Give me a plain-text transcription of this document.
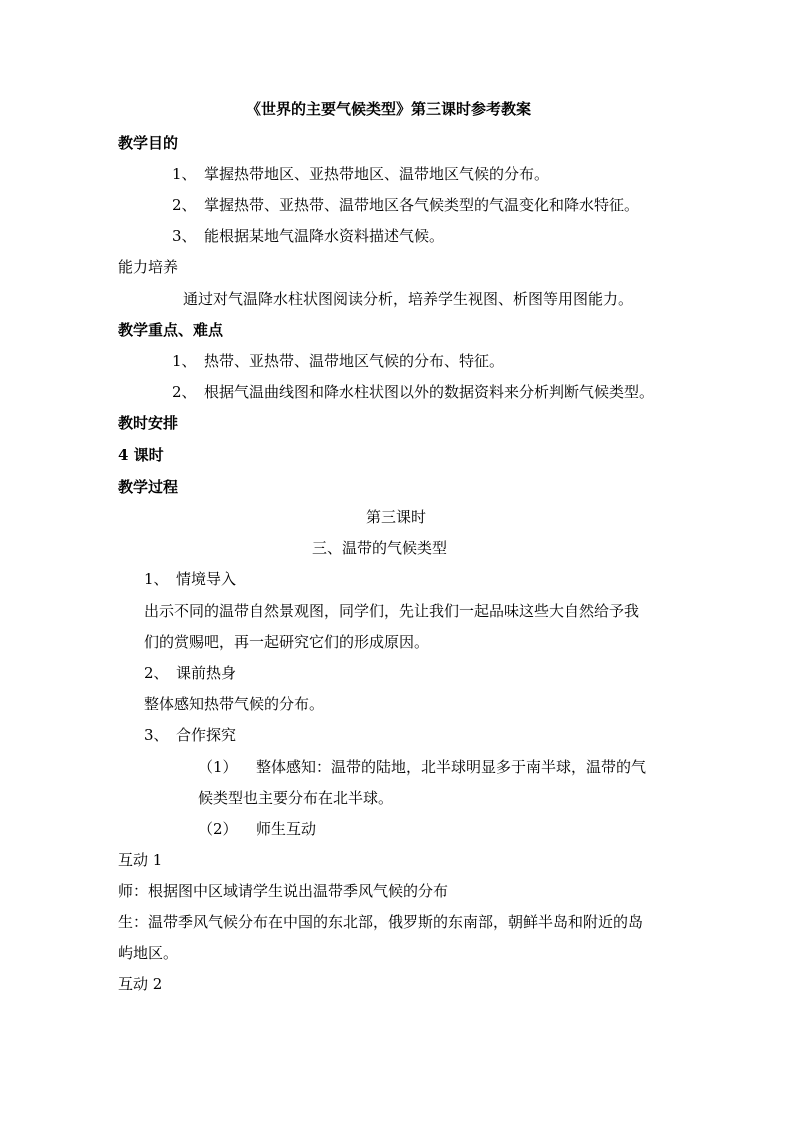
《世界的主要气候类型》第三课时参考教案
教学目的
1、 掌握热带地区、亚热带地区、温带地区气候的分布。
2、 掌握热带、亚热带、温带地区各气候类型的气温变化和降水特征。
3、 能根据某地气温降水资料描述气候。
能力培养
通过对气温降水柱状图阅读分析，培养学生视图、析图等用图能力。
教学重点、难点
1、 热带、亚热带、温带地区气候的分布、特征。
2、 根据气温曲线图和降水柱状图以外的数据资料来分析判断气候类型。
教时安排
4 课时
教学过程
第三课时
三、温带的气候类型
1、 情境导入
出示不同的温带自然景观图，同学们，先让我们一起品味这些大自然给予我
们的赏赐吧，再一起研究它们的形成原因。
2、 课前热身
整体感知热带气候的分布。
3、 合作探究
（1） 整体感知：温带的陆地，北半球明显多于南半球，温带的气
候类型也主要分布在北半球。
（2） 师生互动
互动 1
师：根据图中区域请学生说出温带季风气候的分布
生：温带季风气候分布在中国的东北部，俄罗斯的东南部，朝鲜半岛和附近的岛
屿地区。
互动 2
